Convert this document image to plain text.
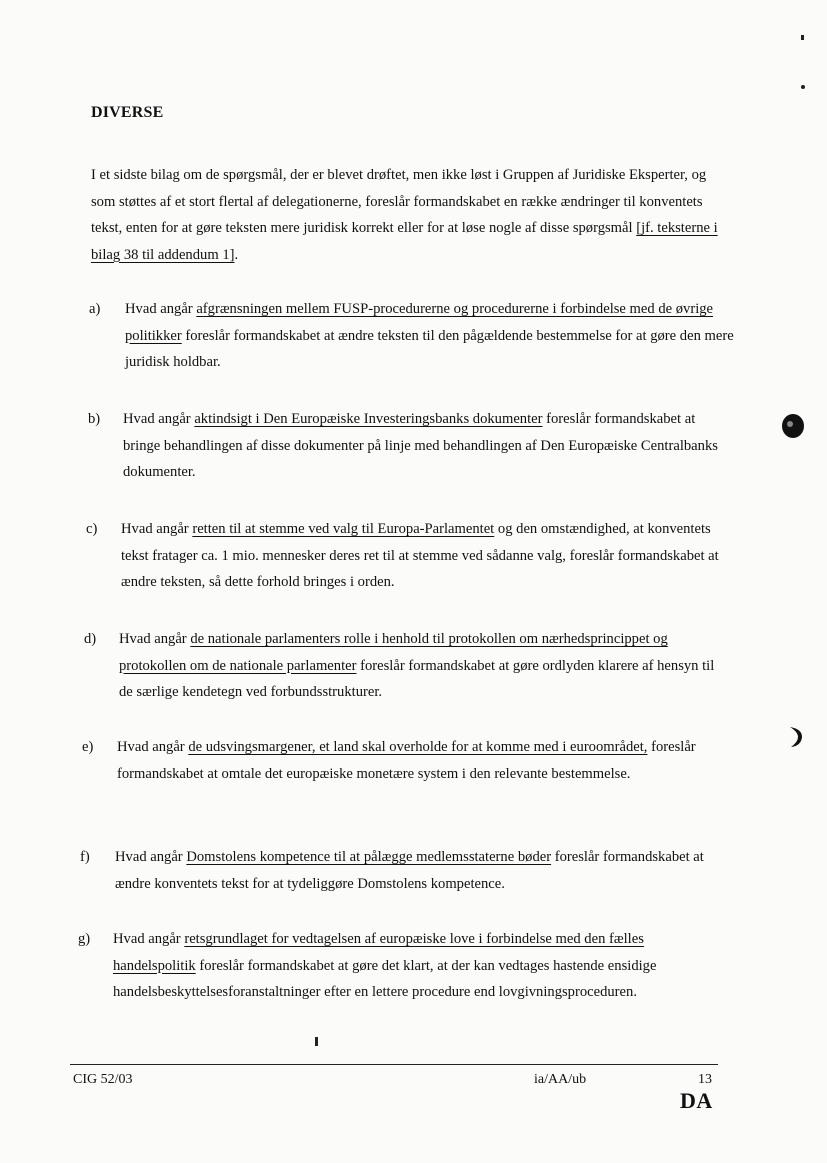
DIVERSE
I et sidste bilag om de spørgsmål, der er blevet drøftet, men ikke løst i Gruppen af Juridiske Eksperter, og som støttes af et stort flertal af delegationerne, foreslår formandskabet en række ændringer til konventets tekst, enten for at gøre teksten mere juridisk korrekt eller for at løse nogle af disse spørgsmål [jf. teksterne i bilag 38 til addendum 1].
a) Hvad angår afgrænsningen mellem FUSP-procedurerne og procedurerne i forbindelse med de øvrige politikker foreslår formandskabet at ændre teksten til den pågældende bestemmelse for at gøre den mere juridisk holdbar.
b) Hvad angår aktindsigt i Den Europæiske Investeringsbanks dokumenter foreslår formandskabet at bringe behandlingen af disse dokumenter på linje med behandlingen af Den Europæiske Centralbanks dokumenter.
c) Hvad angår retten til at stemme ved valg til Europa-Parlamentet og den omstændighed, at konventets tekst fratager ca. 1 mio. mennesker deres ret til at stemme ved sådanne valg, foreslår formandskabet at ændre teksten, så dette forhold bringes i orden.
d) Hvad angår de nationale parlamenters rolle i henhold til protokollen om nærhedsprincippet og protokollen om de nationale parlamenter foreslår formandskabet at gøre ordlyden klarere af hensyn til de særlige kendetegn ved forbundsstrukturer.
e) Hvad angår de udsvingsmargener, et land skal overholde for at komme med i euroområdet, foreslår formandskabet at omtale det europæiske monetære system i den relevante bestemmelse.
f) Hvad angår Domstolens kompetence til at pålægge medlemsstaterne bøder foreslår formandskabet at ændre konventets tekst for at tydeliggøre Domstolens kompetence.
g) Hvad angår retsgrundlaget for vedtagelsen af europæiske love i forbindelse med den fælles handelspolitik foreslår formandskabet at gøre det klart, at der kan vedtages hastende ensidige handelsbeskyttelsesforanstaltninger efter en lettere procedure end lovgivningsproceduren.
CIG 52/03	ia/AA/ub	13
DA
